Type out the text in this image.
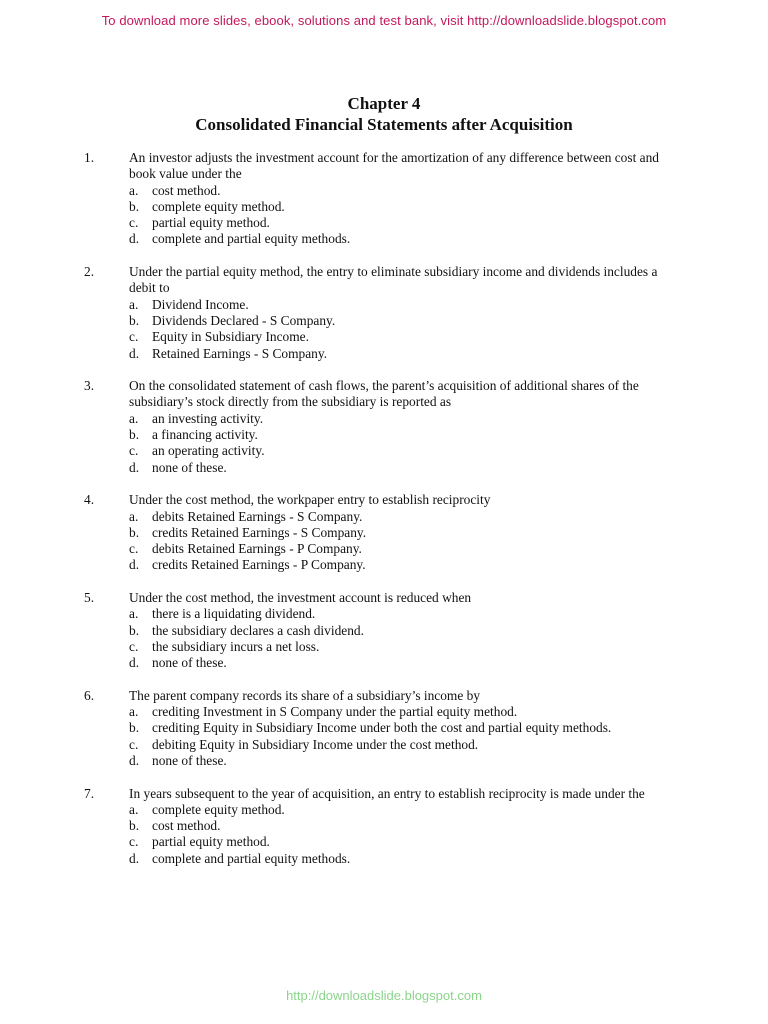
To download more slides, ebook, solutions and test bank, visit http://downloadslide.blogspot.com
Chapter 4
Consolidated Financial Statements after Acquisition
1.	An investor adjusts the investment account for the amortization of any difference between cost and book value under the
a.	cost method.
b. complete equity method.
c.	partial equity method.
d. complete and partial equity methods.
2.	Under the partial equity method, the entry to eliminate subsidiary income and dividends includes a debit to
a.	Dividend Income.
b. Dividends Declared - S Company.
c.	Equity in Subsidiary Income.
d. Retained Earnings - S Company.
3.	On the consolidated statement of cash flows, the parent’s acquisition of additional shares of the subsidiary’s stock directly from the subsidiary is reported as
a.	an investing activity.
b. a financing activity.
c.	an operating activity.
d. none of these.
4.	Under the cost method, the workpaper entry to establish reciprocity
a.	debits Retained Earnings - S Company.
b. credits Retained Earnings - S Company.
c.	debits Retained Earnings - P Company.
d. credits Retained Earnings - P Company.
5.	Under the cost method, the investment account is reduced when
a.	there is a liquidating dividend.
b. the subsidiary declares a cash dividend.
c.	the subsidiary incurs a net loss.
d. none of these.
6.	The parent company records its share of a subsidiary’s income by
a.	crediting Investment in S Company under the partial equity method.
b. crediting Equity in Subsidiary Income under both the cost and partial equity methods.
c.	debiting Equity in Subsidiary Income under the cost method.
d. none of these.
7.	In years subsequent to the year of acquisition, an entry to establish reciprocity is made under the
a.	complete equity method.
b. cost method.
c.	partial equity method.
d. complete and partial equity methods.
http://downloadslide.blogspot.com
